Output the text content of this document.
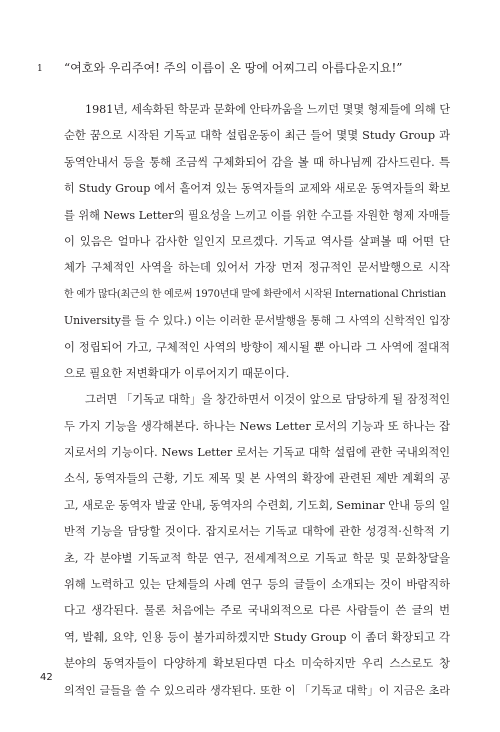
1 “여호와 우리주여! 주의 이름이 온 땅에 어찌그리 아름다운지요!”
1981년, 세속화된 학문과 문화에 안타까움을 느끼던 몇몇 형제들에 의해 단
순한 꿈으로 시작된 기독교 대학 설립운동이 최근 들어 몇몇 Study Group 과
동역안내서 등을 통해 조금씩 구체화되어 감을 볼 때 하나님께 감사드린다. 특
히 Study Group 에서 흩어져 있는 동역자들의 교제와 새로운 동역자들의 확보
를 위해 News Letter의 필요성을 느끼고 이를 위한 수고를 자원한 형제 자매들
이 있음은 얼마나 감사한 일인지 모르겠다. 기독교 역사를 살펴볼 때 어떤 단
체가 구체적인 사역을 하는데 있어서 가장 먼저 정규적인 문서발행으로 시작
한 예가 많다(최근의 한 예로써 1970년대 말에 화란에서 시작된 International Christian
University를 들 수 있다.) 이는 이러한 문서발행을 통해 그 사역의 신학적인 입장
이 정립되어 가고, 구체적인 사역의 방향이 제시될 뿐 아니라 그 사역에 절대적
으로 필요한 저변확대가 이루어지기 때문이다.
그러면 「기독교 대학」을 창간하면서 이것이 앞으로 담당하게 될 잠정적인
두 가지 기능을 생각해본다. 하나는 News Letter 로서의 기능과 또 하나는 잡
지로서의 기능이다. News Letter 로서는 기독교 대학 설립에 관한 국내외적인
소식, 동역자들의 근황, 기도 제목 및 본 사역의 확장에 관련된 제반 계획의 공
고, 새로운 동역자 발굴 안내, 동역자의 수련회, 기도회, Seminar 안내 등의 일
반적 기능을 담당할 것이다. 잡지로서는 기독교 대학에 관한 성경적·신학적 기
초, 각 분야별 기독교적 학문 연구, 전세계적으로 기독교 학문 및 문화창달을
위해 노력하고 있는 단체들의 사례 연구 등의 글들이 소개되는 것이 바람직하
다고 생각된다. 물론 처음에는 주로 국내외적으로 다른 사람들이 쓴 글의 번
역, 발췌, 요약, 인용 등이 불가피하겠지만 Study Group 이 좀더 확장되고 각
분야의 동역자들이 다양하게 확보된다면 다소 미숙하지만 우리 스스로도 창
의적인 글들을 쓸 수 있으리라 생각된다. 또한 이 「기독교 대학」이 지금은 초라
42
